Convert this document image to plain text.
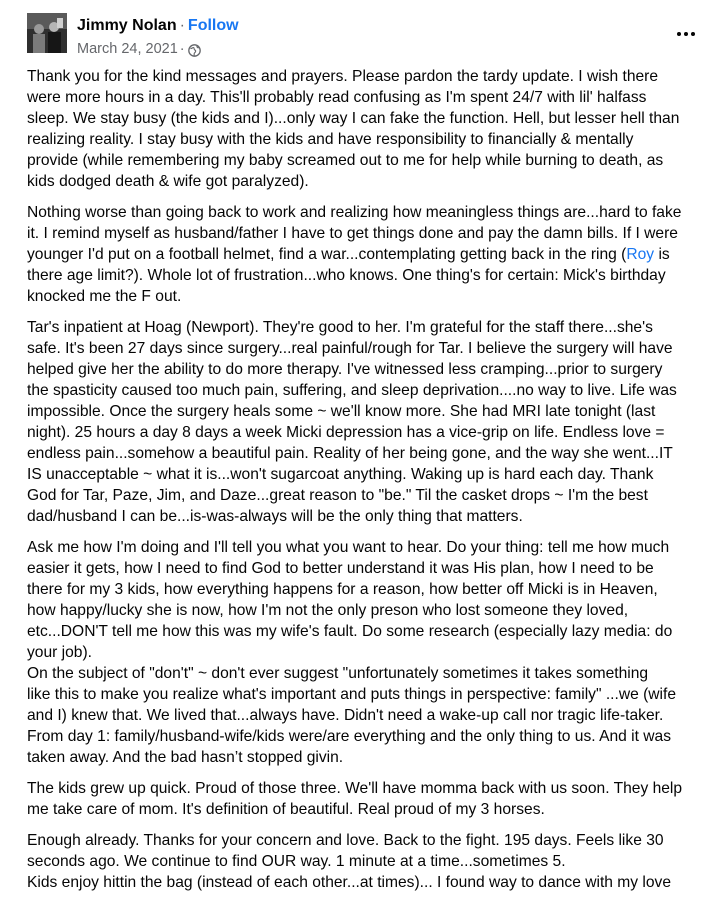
Jimmy Nolan · Follow
March 24, 2021 ·
Thank you for the kind messages and prayers. Please pardon the tardy update. I wish there
were more hours in a day. This'll probably read confusing as I'm spent 24/7 with lil' halfass
sleep. We stay busy (the kids and I)...only way I can fake the function. Hell, but lesser hell than
realizing reality. I stay busy with the kids and have responsibility to financially & mentally
provide (while remembering my baby screamed out to me for help while burning to death, as
kids dodged death & wife got paralyzed).
Nothing worse than going back to work and realizing how meaningless things are...hard to fake
it. I remind myself as husband/father I have to get things done and pay the damn bills. If I were
younger I'd put on a football helmet, find a war...contemplating getting back in the ring (Roy is
there age limit?). Whole lot of frustration...who knows. One thing's for certain: Mick's birthday
knocked me the F out.
Tar's inpatient at Hoag (Newport). They're good to her. I'm grateful for the staff there...she's
safe. It's been 27 days since surgery...real painful/rough for Tar. I believe the surgery will have
helped give her the ability to do more therapy. I've witnessed less cramping...prior to surgery
the spasticity caused too much pain, suffering, and sleep deprivation....no way to live. Life was
impossible. Once the surgery heals some ~ we'll know more. She had MRI late tonight (last
night). 25 hours a day 8 days a week Micki depression has a vice-grip on life. Endless love =
endless pain...somehow a beautiful pain. Reality of her being gone, and the way she went...IT
IS unacceptable ~ what it is...won't sugarcoat anything. Waking up is hard each day. Thank
God for Tar, Paze, Jim, and Daze...great reason to "be." Til the casket drops ~ I'm the best
dad/husband I can be...is-was-always will be the only thing that matters.
Ask me how I'm doing and I'll tell you what you want to hear. Do your thing: tell me how much
easier it gets, how I need to find God to better understand it was His plan, how I need to be
there for my 3 kids, how everything happens for a reason, how better off Micki is in Heaven,
how happy/lucky she is now, how I'm not the only preson who lost someone they loved,
etc...DON'T tell me how this was my wife's fault. Do some research (especially lazy media: do
your job).
On the subject of "don't" ~ don't ever suggest "unfortunately sometimes it takes something
like this to make you realize what's important and puts things in perspective: family" ...we (wife
and I) knew that. We lived that...always have. Didn't need a wake-up call nor tragic life-taker.
From day 1: family/husband-wife/kids were/are everything and the only thing to us. And it was
taken away. And the bad hasn’t stopped givin.
The kids grew up quick. Proud of those three. We'll have momma back with us soon. They help
me take care of mom. It's definition of beautiful. Real proud of my 3 horses.
Enough already. Thanks for your concern and love. Back to the fight. 195 days. Feels like 30
seconds ago. We continue to find OUR way. 1 minute at a time...sometimes 5.
Kids enjoy hittin the bag (instead of each other...at times)... I found way to dance with my love
